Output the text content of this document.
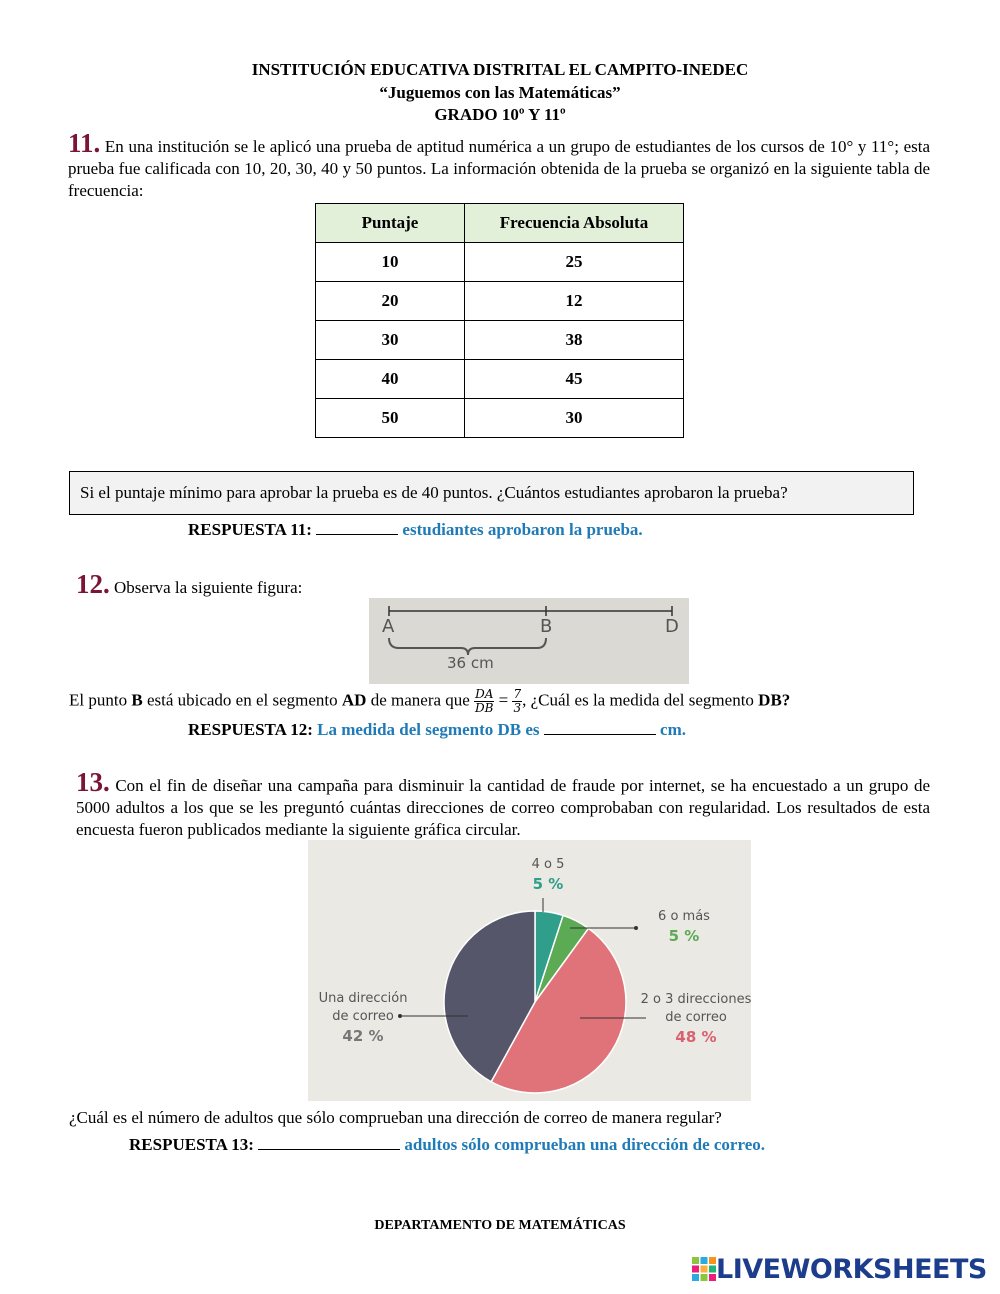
INSTITUCIÓN EDUCATIVA DISTRITAL EL CAMPITO-INEDEC
“Juguemos con las Matemáticas”
GRADO 10º Y 11º
11. En una institución se le aplicó una prueba de aptitud numérica a un grupo de estudiantes de los cursos de 10° y 11°; esta prueba fue calificada con 10, 20, 30, 40 y 50 puntos. La información obtenida de la prueba se organizó en la siguiente tabla de frecuencia:
Puntaje	Frecuencia Absoluta
10	25
20	12
30	38
40	45
50	30
Si el puntaje mínimo para aprobar la prueba es de 40 puntos. ¿Cuántos estudiantes aprobaron la prueba?
RESPUESTA 11:	estudiantes aprobaron la prueba.
12. Observa la siguiente figura:
A	B	D
36 cm
El punto B está ubicado en el segmento AD de manera que $\frac{DA}{DB} = \frac{7}{3}$ , ¿Cuál es la medida del segmento DB?
RESPUESTA 12: La medida del segmento DB es	cm.
13. Con el fin de diseñar una campaña para disminuir la cantidad de fraude por internet, se ha encuestado a un grupo de 5000 adultos a los que se les preguntó cuántas direcciones de correo comprobaban con regularidad. Los resultados de esta encuesta fueron publicados mediante la siguiente gráfica circular.
4 o 5
5 %
6 o más
5 %
2 o 3 direcciones
de correo
48 %
Una dirección
de correo
42 %
¿Cuál es el número de adultos que sólo comprueban una dirección de correo de manera regular?
RESPUESTA 13:	adultos sólo comprueban una dirección de correo.
DEPARTAMENTO DE MATEMÁTICAS
LIVEWORKSHEETS
